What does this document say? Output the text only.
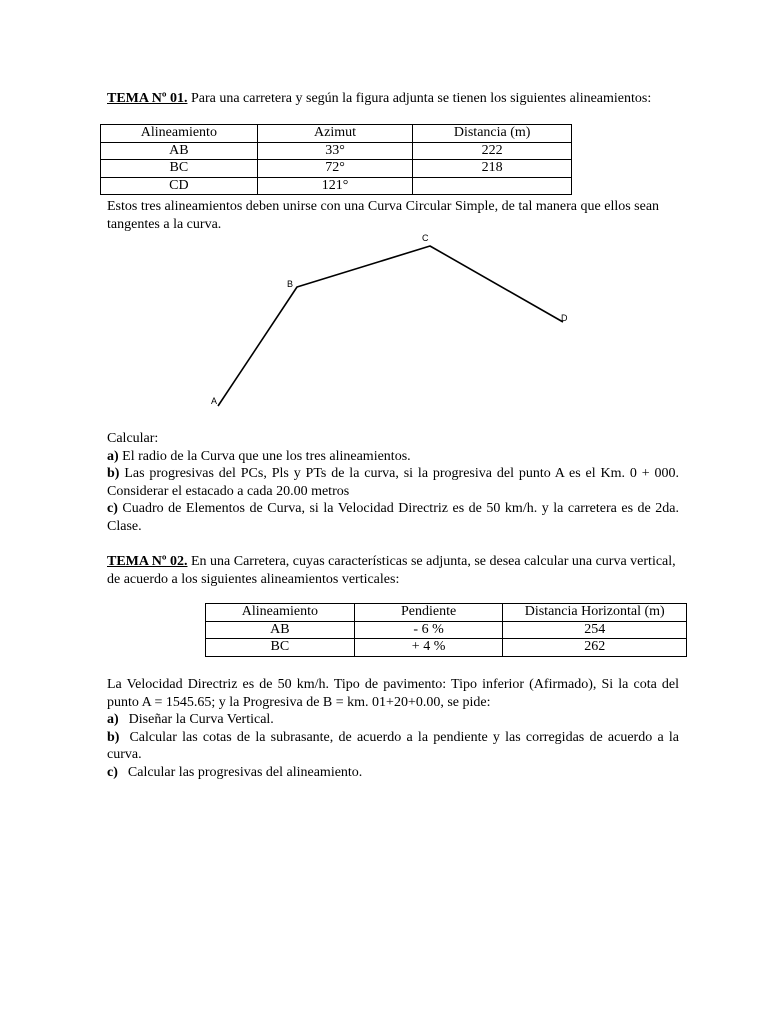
TEMA Nº 01. Para una carretera y según la figura adjunta se tienen los siguientes alineamientos:
Alineamiento	Azimut	Distancia (m)
AB	33°	222
BC	72°	218
CD	121°	
Estos tres alineamientos deben unirse con una Curva Circular Simple, de tal manera que ellos sean tangentes a la curva.
A
B
C
D
Calcular:
a) El radio de la Curva que une los tres alineamientos.
b) Las progresivas del PCs, Pls y PTs de la curva, si la progresiva del punto A es el Km. 0 + 000. Considerar el estacado a cada 20.00 metros
c) Cuadro de Elementos de Curva, si la Velocidad Directriz es de 50 km/h. y la carretera es de 2da. Clase.
TEMA Nº 02. En una Carretera, cuyas características se adjunta, se desea calcular una curva vertical, de acuerdo a los siguientes alineamientos verticales:
Alineamiento	Pendiente	Distancia Horizontal (m)
AB	- 6 %	254
BC	+ 4 %	262
La Velocidad Directriz es de 50 km/h. Tipo de pavimento: Tipo inferior (Afirmado), Si la cota del punto A = 1545.65; y la Progresiva de B = km. 01+20+0.00, se pide:
a) Diseñar la Curva Vertical.
b) Calcular las cotas de la subrasante, de acuerdo a la pendiente y las corregidas de acuerdo a la curva.
c) Calcular las progresivas del alineamiento.
